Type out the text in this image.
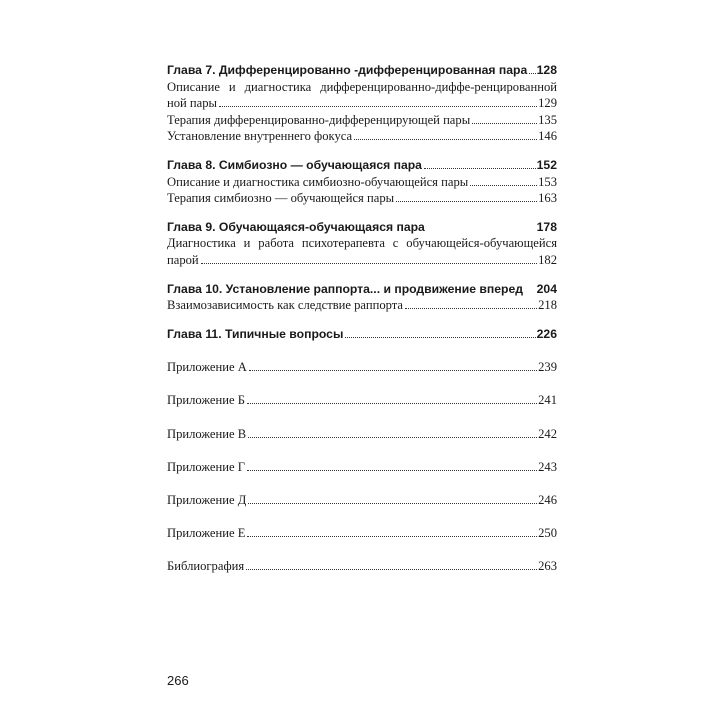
Глава 7. Дифференцированно -дифференцированная пара 128
Описание и диагностика дифференцированно-диффе-ренцированной
ной пары	129
Терапия дифференцированно-дифференцирующей пары	135
Установление внутреннего фокуса	146
Глава 8. Симбиозно — обучающаяся пара	152
Описание и диагностика симбиозно-обучающейся пары	153
Терапия симбиозно — обучающейся пары	163
Глава 9. Обучающаяся-обучающаяся пара	178
Диагностика и работа психотерапевта с обучающейся-обучающейся
парой	182
Глава 10. Установление раппорта... и продвижение вперед 204
Взаимозависимость как следствие раппорта	218
Глава 11. Типичные вопросы	226
Приложение А	239
Приложение Б	241
Приложение В	242
Приложение Г	243
Приложение Д	246
Приложение Е	250
Библиография	263
266
